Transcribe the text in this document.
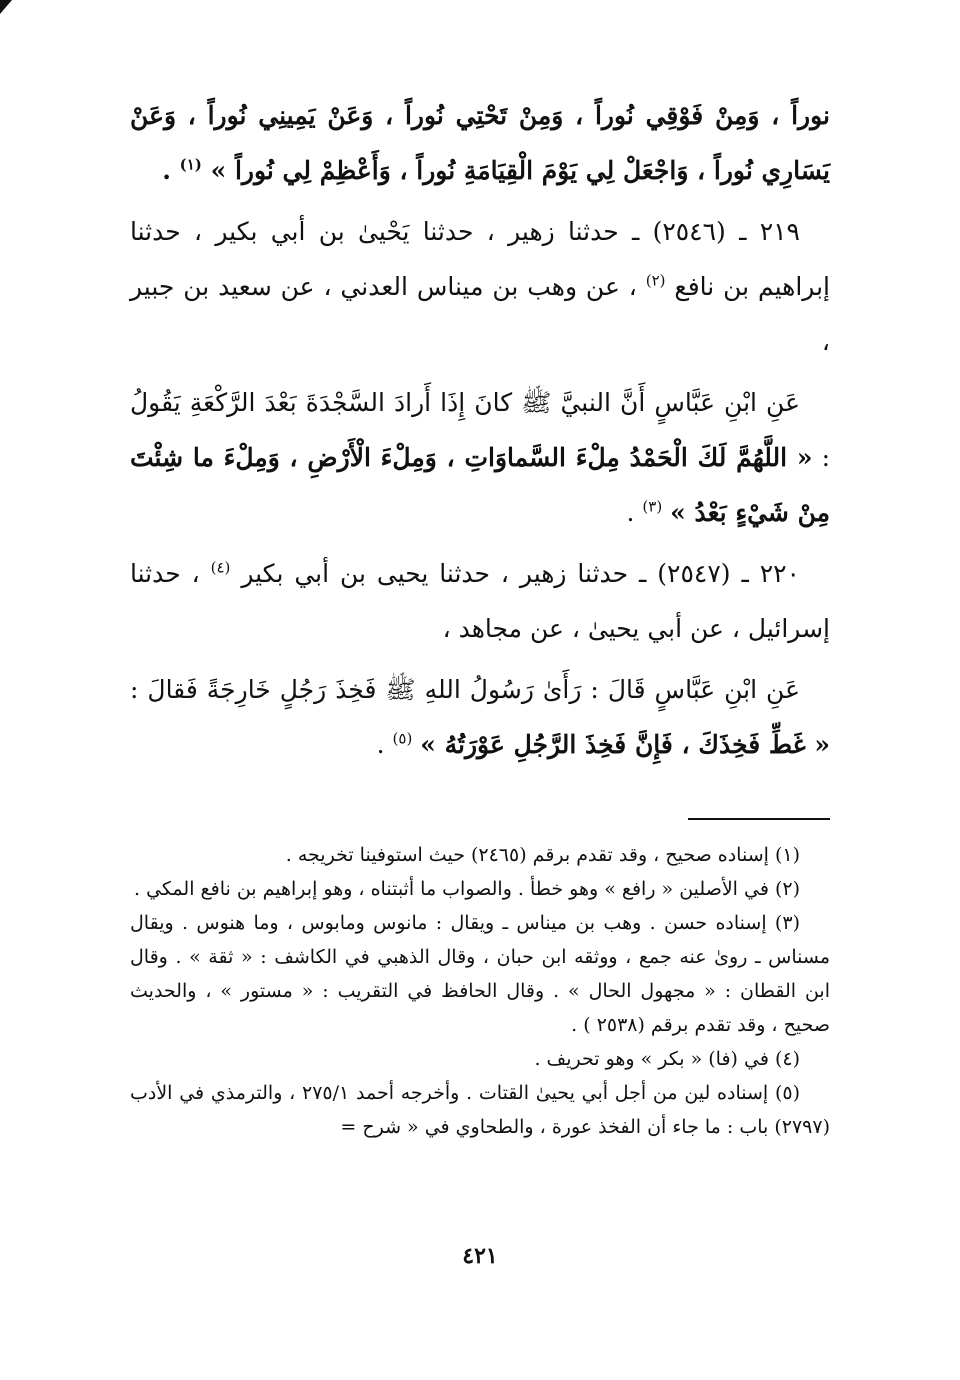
نوراً ، وَمِنْ فَوْقِي نُوراً ، وَمِنْ تَحْتِي نُوراً ، وَعَنْ يَمِينِي نُوراً ، وَعَنْ يَسَارِي نُوراً ، وَاجْعَلْ لِي يَوْمَ الْقِيَامَةِ نُوراً ، وَأَعْظِمْ لِي نُوراً » $^{(١)}$ .

٢١٩ ـ (٢٥٤٦) ـ حدثنا زهير ، حدثنا يَحْيىٰ بن أبي بكير ، حدثنا إبراهيم بن نافع $^{(٢)}$ ، عن وهب بن ميناس العدني ، عن سعيد بن جبير ،

عَنِ ابْنِ عَبَّاسٍ أَنَّ النبيَّ ﷺ كانَ إِذَا أَرادَ السَّجْدَةَ بَعْدَ الرَّكْعَةِ يَقُولُ : « اللَّهُمَّ لَكَ الْحَمْدُ مِلْءَ السَّماوَاتِ ، وَمِلْءَ الْأَرْضِ ، وَمِلْءَ ما شِئْتَ مِنْ شَيْءٍ بَعْدُ » $^{(٣)}$ .

٢٢٠ ـ (٢٥٤٧) ـ حدثنا زهير ، حدثنا يحيى بن أبي بكير $^{(٤)}$ ، حدثنا إسرائيل ، عن أبي يحيىٰ ، عن مجاهد ،

عَنِ ابْنِ عَبَّاسٍ قَالَ : رَأَىٰ رَسُولُ اللهِ ﷺ فَخِذَ رَجُلٍ خَارِجَةً فَقالَ : « غَطِّ فَخِذَكَ ، فَإِنَّ فَخِذَ الرَّجُلِ عَوْرَتُهُ » $^{(٥)}$ .

(١) إسناده صحيح ، وقد تقدم برقم (٢٤٦٥) حيث استوفينا تخريجه .

(٢) في الأصلين « رافع » وهو خطأ . والصواب ما أثبتناه ، وهو إبراهيم بن نافع المكي .

(٣) إسناده حسن . وهب بن ميناس ـ ويقال : مانوس ومابوس ، وما هنوس . ويقال مسناس ـ روىٰ عنه جمع ، ووثقه ابن حبان ، وقال الذهبي في الكاشف : « ثقة » . وقال ابن القطان : « مجهول الحال » . وقال الحافظ في التقريب : « مستور » ، والحديث صحيح ، وقد تقدم برقم (٢٥٣٨ ) .

(٤) في (فا) « بكر » وهو تحريف .

(٥) إسناده لين من أجل أبي يحيىٰ القتات . وأخرجه أحمد ٢٧٥/١ ، والترمذي في الأدب (٢٧٩٧) باب : ما جاء أن الفخذ عورة ، والطحاوي في « شرح =

٤٢١
